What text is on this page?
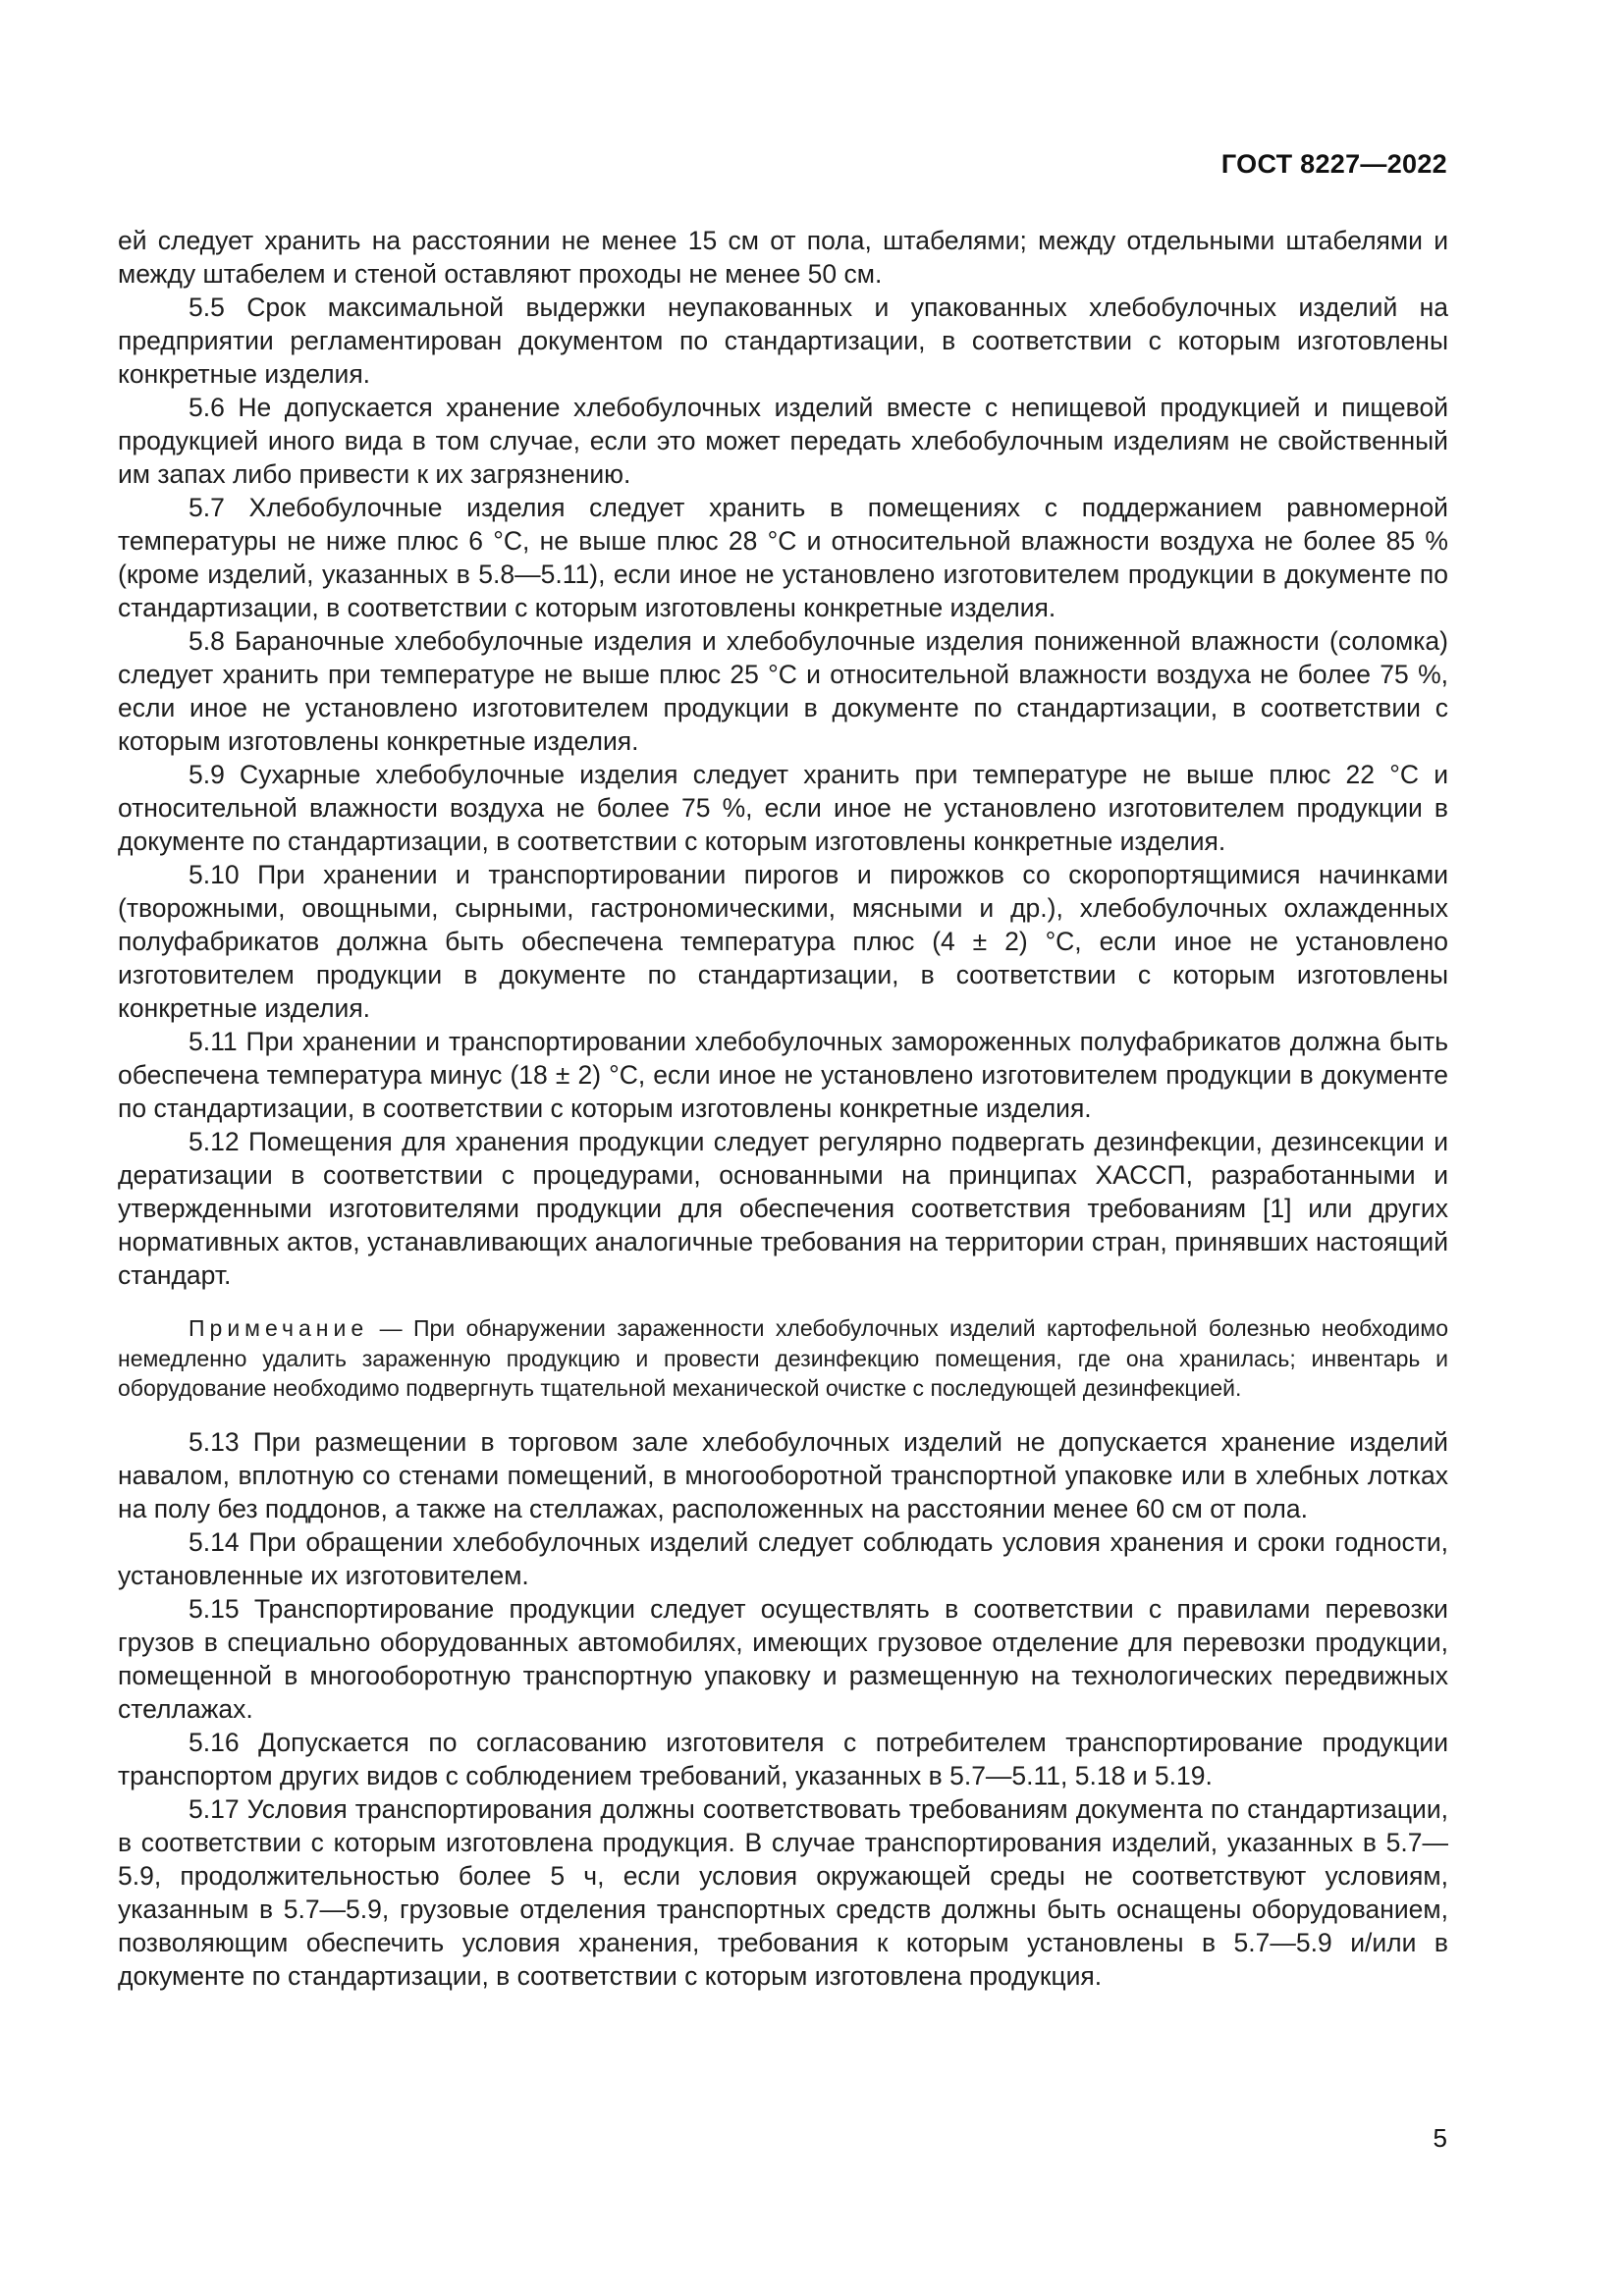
ГОСТ 8227—2022

ей следует хранить на расстоянии не менее 15 см от пола, штабелями; между отдельными штабелями и между штабелем и стеной оставляют проходы не менее 50 см.

5.5 Срок максимальной выдержки неупакованных и упакованных хлебобулочных изделий на предприятии регламентирован документом по стандартизации, в соответствии с которым изготовлены конкретные изделия.

5.6 Не допускается хранение хлебобулочных изделий вместе с непищевой продукцией и пищевой продукцией иного вида в том случае, если это может передать хлебобулочным изделиям не свойственный им запах либо привести к их загрязнению.

5.7 Хлебобулочные изделия следует хранить в помещениях с поддержанием равномерной температуры не ниже плюс 6 °С, не выше плюс 28 °С и относительной влажности воздуха не более 85 % (кроме изделий, указанных в 5.8—5.11), если иное не установлено изготовителем продукции в документе по стандартизации, в соответствии с которым изготовлены конкретные изделия.

5.8 Бараночные хлебобулочные изделия и хлебобулочные изделия пониженной влажности (соломка) следует хранить при температуре не выше плюс 25 °С и относительной влажности воздуха не более 75 %, если иное не установлено изготовителем продукции в документе по стандартизации, в соответствии с которым изготовлены конкретные изделия.

5.9 Сухарные хлебобулочные изделия следует хранить при температуре не выше плюс 22 °С и относительной влажности воздуха не более 75 %, если иное не установлено изготовителем продукции в документе по стандартизации, в соответствии с которым изготовлены конкретные изделия.

5.10 При хранении и транспортировании пирогов и пирожков со скоропортящимися начинками (творожными, овощными, сырными, гастрономическими, мясными и др.), хлебобулочных охлажденных полуфабрикатов должна быть обеспечена температура плюс (4 ± 2) °С, если иное не установлено изготовителем продукции в документе по стандартизации, в соответствии с которым изготовлены конкретные изделия.

5.11 При хранении и транспортировании хлебобулочных замороженных полуфабрикатов должна быть обеспечена температура минус (18 ± 2) °С, если иное не установлено изготовителем продукции в документе по стандартизации, в соответствии с которым изготовлены конкретные изделия.

5.12 Помещения для хранения продукции следует регулярно подвергать дезинфекции, дезинсекции и дератизации в соответствии с процедурами, основанными на принципах ХАССП, разработанными и утвержденными изготовителями продукции для обеспечения соответствия требованиям [1] или других нормативных актов, устанавливающих аналогичные требования на территории стран, принявших настоящий стандарт.

Примечание — При обнаружении зараженности хлебобулочных изделий картофельной болезнью необходимо немедленно удалить зараженную продукцию и провести дезинфекцию помещения, где она хранилась; инвентарь и оборудование необходимо подвергнуть тщательной механической очистке с последующей дезинфекцией.

5.13 При размещении в торговом зале хлебобулочных изделий не допускается хранение изделий навалом, вплотную со стенами помещений, в многооборотной транспортной упаковке или в хлебных лотках на полу без поддонов, а также на стеллажах, расположенных на расстоянии менее 60 см от пола.

5.14 При обращении хлебобулочных изделий следует соблюдать условия хранения и сроки годности, установленные их изготовителем.

5.15 Транспортирование продукции следует осуществлять в соответствии с правилами перевозки грузов в специально оборудованных автомобилях, имеющих грузовое отделение для перевозки продукции, помещенной в многооборотную транспортную упаковку и размещенную на технологических передвижных стеллажах.

5.16 Допускается по согласованию изготовителя с потребителем транспортирование продукции транспортом других видов с соблюдением требований, указанных в 5.7—5.11, 5.18 и 5.19.

5.17 Условия транспортирования должны соответствовать требованиям документа по стандартизации, в соответствии с которым изготовлена продукция. В случае транспортирования изделий, указанных в 5.7—5.9, продолжительностью более 5 ч, если условия окружающей среды не соответствуют условиям, указанным в 5.7—5.9, грузовые отделения транспортных средств должны быть оснащены оборудованием, позволяющим обеспечить условия хранения, требования к которым установлены в 5.7—5.9 и/или в документе по стандартизации, в соответствии с которым изготовлена продукция.

5
